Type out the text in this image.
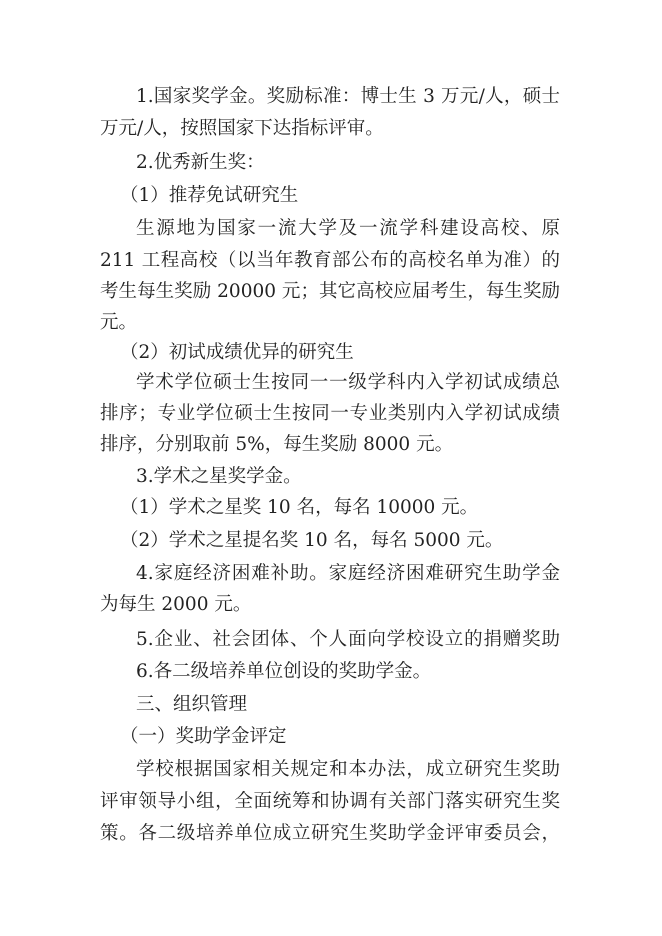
1.国家奖学金。奖励标准：博士生 3 万元/人，硕士
万元/人，按照国家下达指标评审。
2.优秀新生奖：
（1）推荐免试研究生
生源地为国家一流大学及一流学科建设高校、原
211 工程高校（以当年教育部公布的高校名单为准）的
考生每生奖励 20000 元；其它高校应届考生，每生奖励
元。
（2）初试成绩优异的研究生
学术学位硕士生按同一一级学科内入学初试成绩总
排序；专业学位硕士生按同一专业类别内入学初试成绩
排序，分别取前 5%，每生奖励 8000 元。
3.学术之星奖学金。
（1）学术之星奖 10 名，每名 10000 元。
（2）学术之星提名奖 10 名，每名 5000 元。
4.家庭经济困难补助。家庭经济困难研究生助学金
为每生 2000 元。
5.企业、社会团体、个人面向学校设立的捐赠奖助
6.各二级培养单位创设的奖助学金。
三、组织管理
（一）奖助学金评定
学校根据国家相关规定和本办法，成立研究生奖助
评审领导小组，全面统筹和协调有关部门落实研究生奖
策。各二级培养单位成立研究生奖助学金评审委员会，
